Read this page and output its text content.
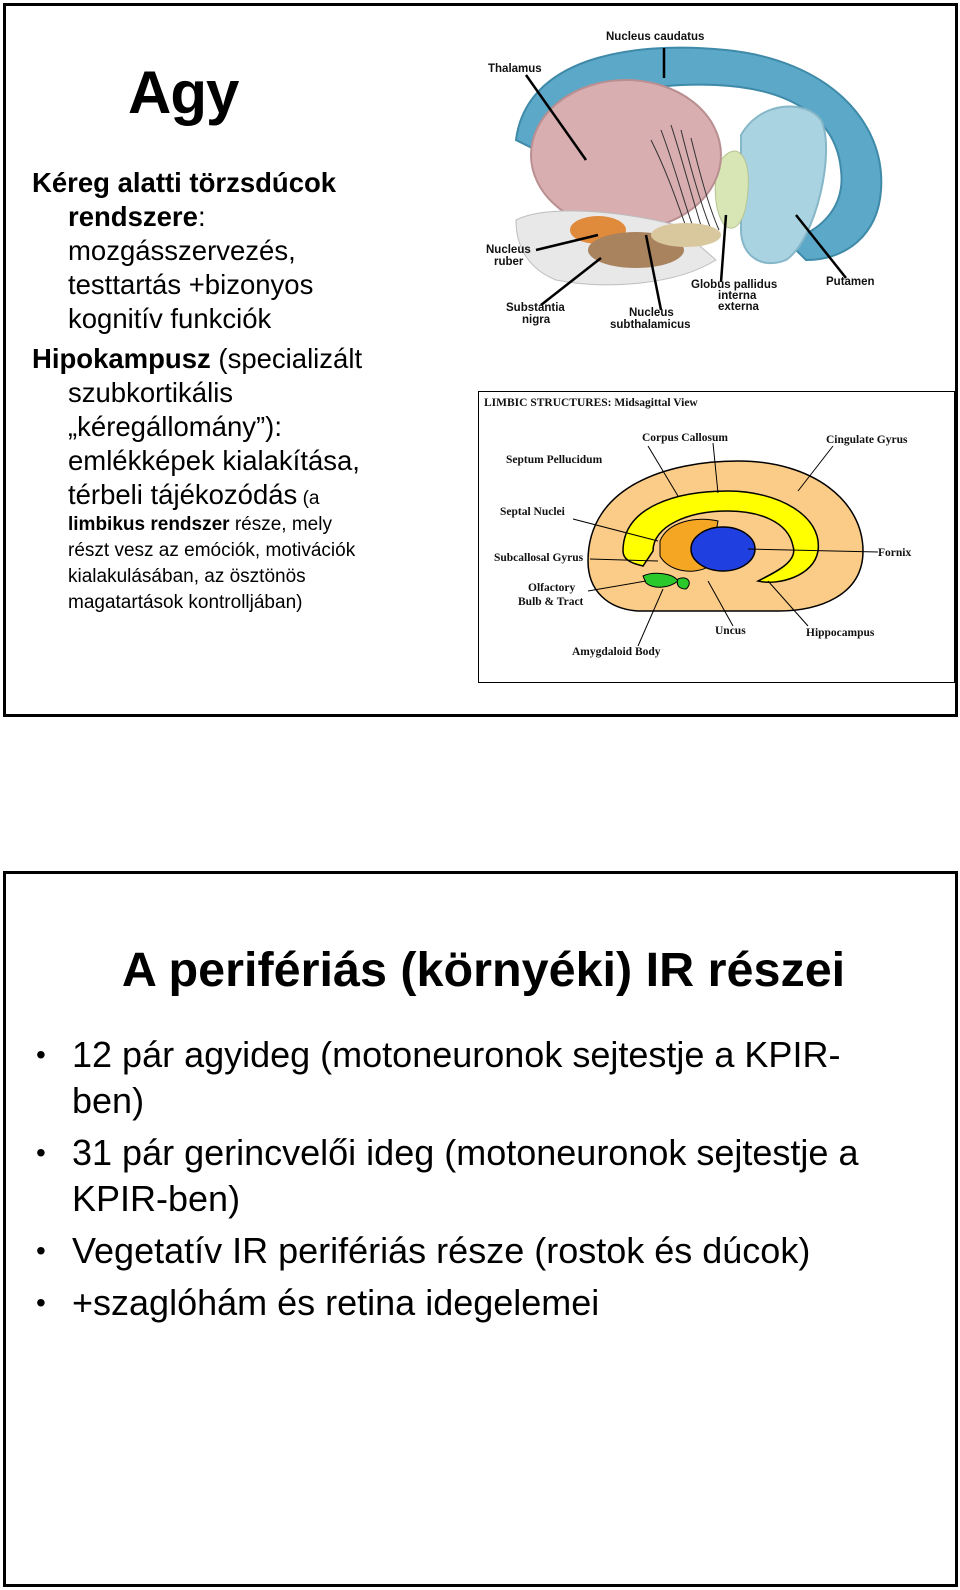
Agy

Kéreg alatti törzsdúcok

rendszere:
mozgásszervezés,
testtartás +bizonyos
kognitív funkciók

Hipokampusz (specializált

szubkortikális
„kéregállomány”):
emlékképek kialakítása,
térbeli tájékozódás (a
limbikus rendszer része, mely
részt vesz az emóciók, motivációk
kialakulásában, az ösztönös
magatartások kontrolljában)

Nucleus caudatus
Thalamus
Nucleus
ruber
Substantia
nigra
Nucleus
subthalamicus
Globus pallidus
interna
externa
Putamen
LIMBIC STRUCTURES: Midsagittal View
Corpus Callosum	Cingulate Gyrus
Septum Pellucidum
Septal Nuclei
Subcallosal Gyrus	Fornix
Olfactory
Bulb & Tract
Uncus	Hippocampus
Amygdaloid Body
A perifériás (környéki) IR részei
• 12 pár agyideg (motoneuronok sejtestje a KPIR-
ben)
• 31 pár gerincvelői ideg (motoneuronok sejtestje a
KPIR-ben)
• Vegetatív IR perifériás része (rostok és dúcok)
• +szaglóhám és retina idegelemei
